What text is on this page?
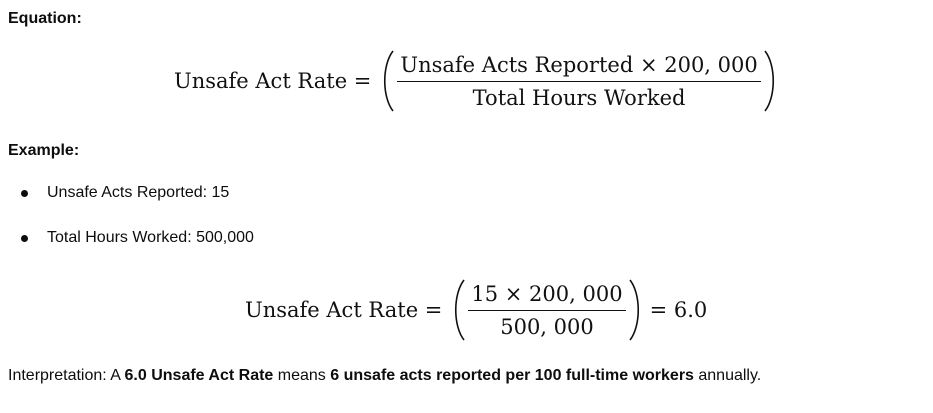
Equation:
Unsafe Act Rate = $\frac{\text{Unsafe Acts Reported × 200, 000}}{\text{Total Hours Worked}}$
Example:
Unsafe Acts Reported: 15
Total Hours Worked: 500,000
Unsafe Act Rate = $\frac{15 \times 200, 000}{500, 000} = 6.0$
Interpretation: A 6.0 Unsafe Act Rate means 6 unsafe acts reported per 100 full-time workers annually.
